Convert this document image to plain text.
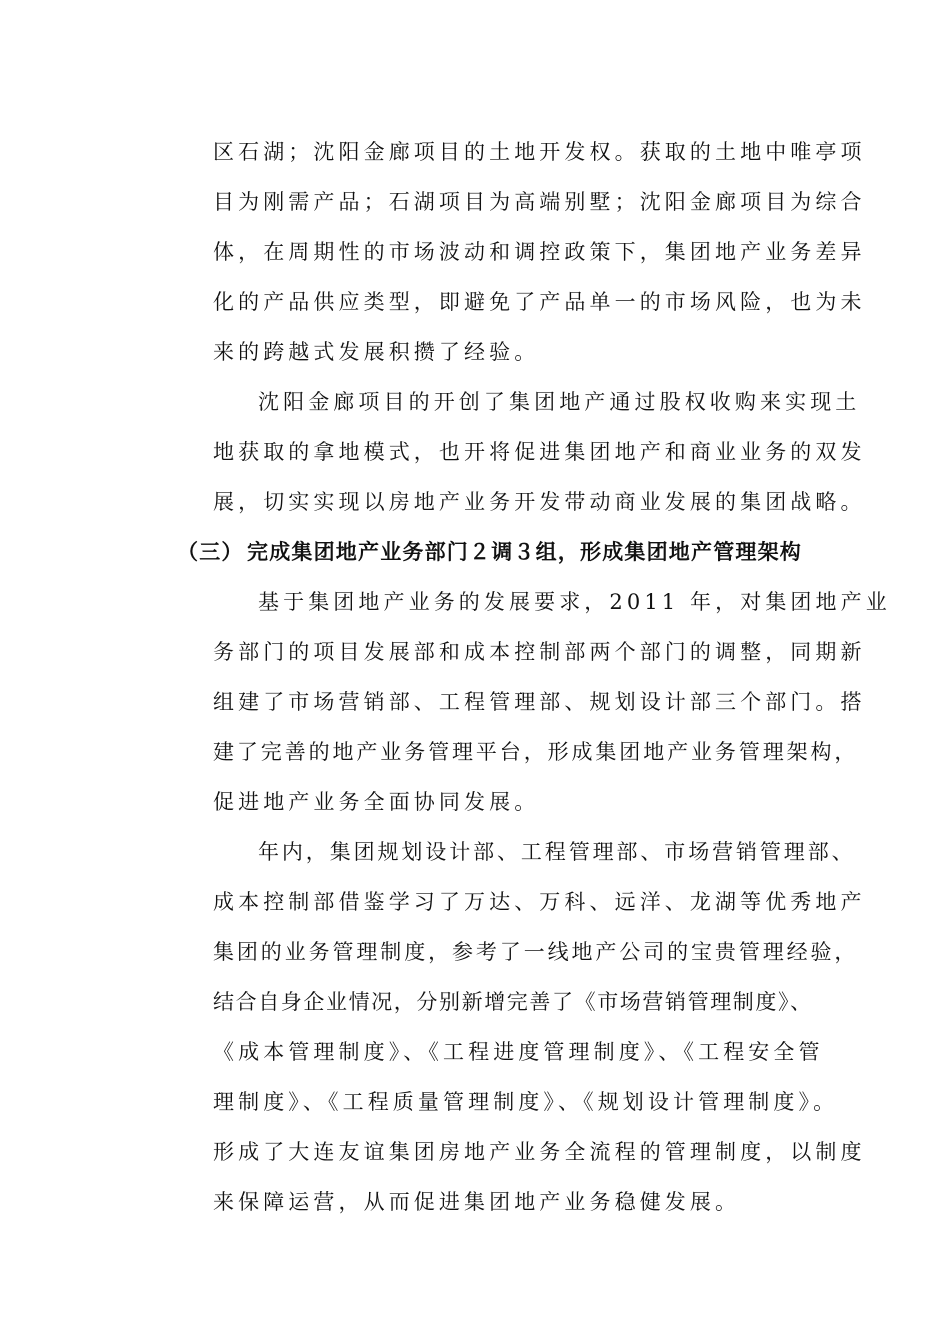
区石湖；沈阳金廊项目的土地开发权。获取的土地中唯亭项
目为刚需产品；石湖项目为高端别墅；沈阳金廊项目为综合
体，在周期性的市场波动和调控政策下，集团地产业务差异
化的产品供应类型，即避免了产品单一的市场风险，也为未
来的跨越式发展积攒了经验。
沈阳金廊项目的开创了集团地产通过股权收购来实现土
地获取的拿地模式，也开将促进集团地产和商业业务的双发
展，切实实现以房地产业务开发带动商业发展的集团战略。
（三） 完成集团地产业务部门２调３组，形成集团地产管理架构
基于集团地产业务的发展要求，2011 年，对集团地产业
务部门的项目发展部和成本控制部两个部门的调整，同期新
组建了市场营销部、工程管理部、规划设计部三个部门。搭
建了完善的地产业务管理平台，形成集团地产业务管理架构，
促进地产业务全面协同发展。
年内，集团规划设计部、工程管理部、市场营销管理部、
成本控制部借鉴学习了万达、万科、远洋、龙湖等优秀地产
集团的业务管理制度，参考了一线地产公司的宝贵管理经验，
结合自身企业情况，分别新增完善了《市场营销管理制度》、
《成本管理制度》、《工程进度管理制度》、《工程安全管
理制度》、《工程质量管理制度》、《规划设计管理制度》。
形成了大连友谊集团房地产业务全流程的管理制度，以制度
来保障运营，从而促进集团地产业务稳健发展。
